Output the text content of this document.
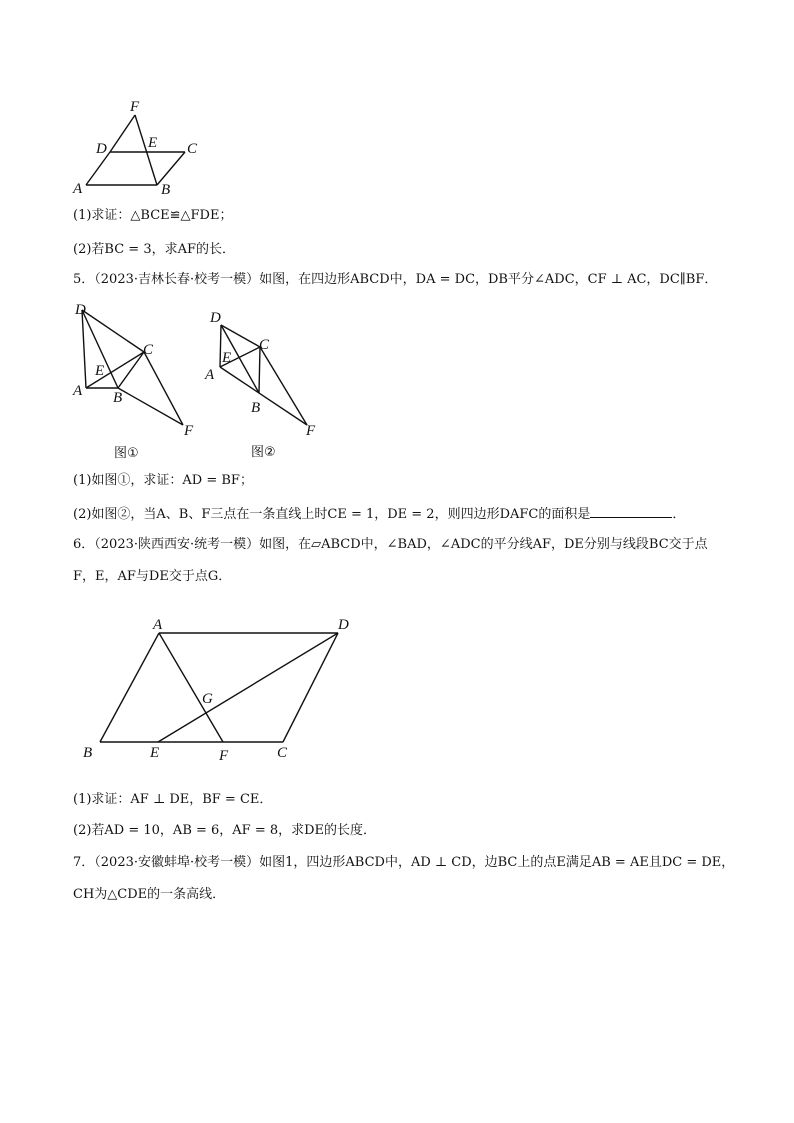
F
D	E C
A	B
(1)求证：△BCE≌△FDE；
(2)若BC = 3，求AF的长．
5．（2023·吉林长春·校考一模）如图，在四边形ABCD中，DA = DC，DB平分∠ADC，CF ⊥ AC，DC∥BF．
D
C
E
A B
F
图①
D
C
E
A
B
F
图②
(1)如图①，求证：AD = BF；
(2)如图②，当A、B、F三点在一条直线上时CE = 1，DE = 2，则四边形DAFC的面积是	．
6．（2023·陕西西安·统考一模）如图，在▱ABCD中，∠BAD，∠ADC的平分线AF，DE分别与线段BC交于点
F，E，AF与DE交于点G．
A	D
G
B	E	F	C
(1)求证：AF ⊥ DE，BF = CE．
(2)若AD = 10，AB = 6，AF = 8，求DE的长度．
7．（2023·安徽蚌埠·校考一模）如图1，四边形ABCD中，AD ⊥ CD，边BC上的点E满足AB = AE且DC = DE，
CH为△CDE的一条高线．
